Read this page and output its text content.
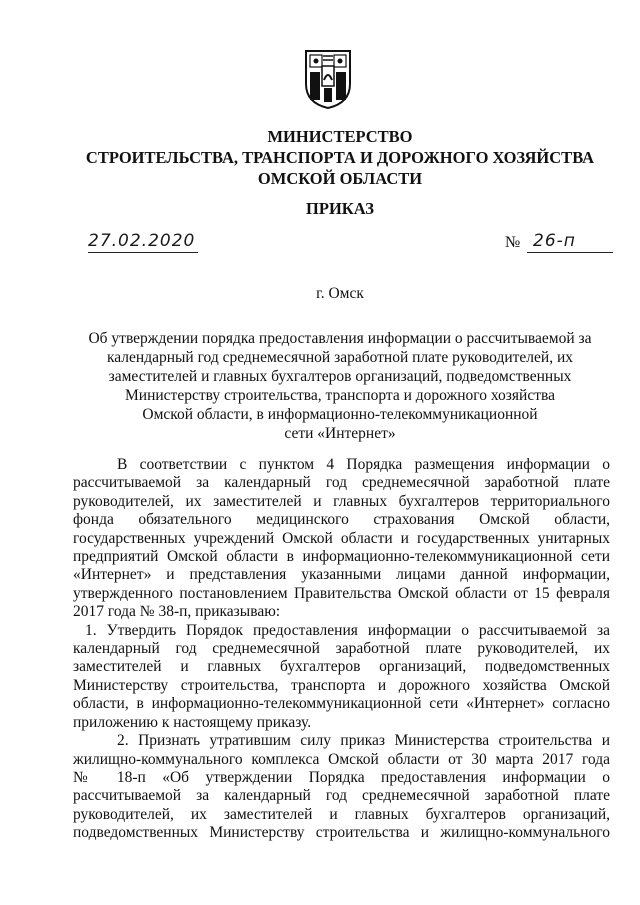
МИНИСТЕРСТВО
СТРОИТЕЛЬСТВА, ТРАНСПОРТА И ДОРОЖНОГО ХОЗЯЙСТВА
ОМСКОЙ ОБЛАСТИ
ПРИКАЗ
27.02.2020	№ 26-п
г. Омск
Об утверждении порядка предоставления информации о рассчитываемой за
календарный год среднемесячной заработной плате руководителей, их
заместителей и главных бухгалтеров организаций, подведомственных
Министерству строительства, транспорта и дорожного хозяйства
Омской области, в информационно-телекоммуникационной
сети «Интернет»

В соответствии с пунктом 4 Порядка размещения информации о

рассчитываемой за календарный год среднемесячной заработной плате

руководителей, их заместителей и главных бухгалтеров территориального

фонда обязательного медицинского страхования Омской области,

государственных учреждений Омской области и государственных унитарных

предприятий Омской области в информационно-телекоммуникационной сети

«Интернет» и представления указанными лицами данной информации,

утвержденного постановлением Правительства Омской области от 15 февраля

2017 года № 38-п, приказываю:

1. Утвердить Порядок предоставления информации о рассчитываемой за

календарный год среднемесячной заработной плате руководителей, их

заместителей и главных бухгалтеров организаций, подведомственных

Министерству строительства, транспорта и дорожного хозяйства Омской

области, в информационно-телекоммуникационной сети «Интернет» согласно

приложению к настоящему приказу.

2. Признать утратившим силу приказ Министерства строительства и

жилищно-коммунального комплекса Омской области от 30 марта 2017 года

№ 18-п «Об утверждении Порядка предоставления информации о

рассчитываемой за календарный год среднемесячной заработной плате

руководителей, их заместителей и главных бухгалтеров организаций,

подведомственных Министерству строительства и жилищно-коммунального
